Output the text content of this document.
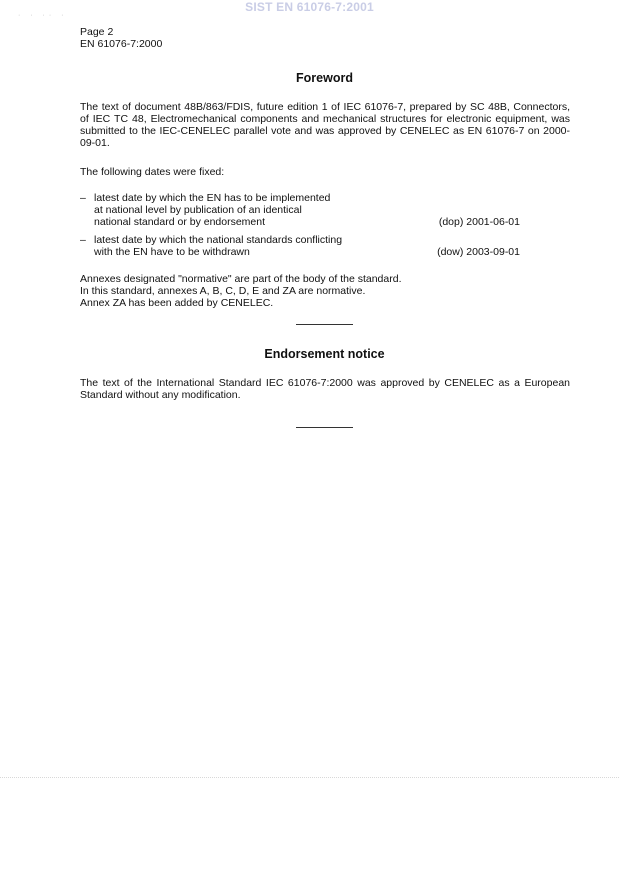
· · ·· ·
SIST EN 61076-7:2001
Page 2
EN 61076-7:2000
Foreword
The text of document 48B/863/FDIS, future edition 1 of IEC 61076-7, prepared by SC 48B, Connectors, of IEC TC 48, Electromechanical components and mechanical structures for electronic equipment, was submitted to the IEC-CENELEC parallel vote and was approved by CENELEC as EN 61076-7 on 2000-09-01.
The following dates were fixed:
– latest date by which the EN has to be implemented
at national level by publication of an identical
national standard or by endorsement	(dop) 2001-06-01
– latest date by which the national standards conflicting
with the EN have to be withdrawn	(dow) 2003-09-01
Annexes designated "normative" are part of the body of the standard.
In this standard, annexes A, B, C, D, E and ZA are normative.
Annex ZA has been added by CENELEC.
Endorsement notice
The text of the International Standard IEC 61076-7:2000 was approved by CENELEC as a European Standard without any modification.
